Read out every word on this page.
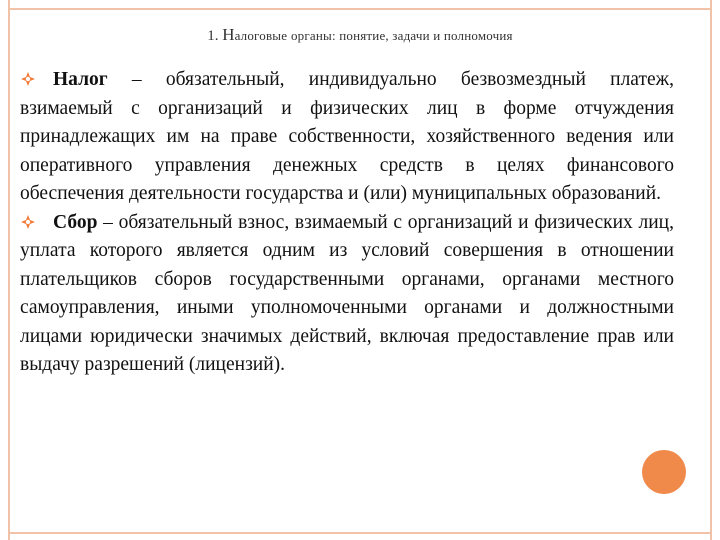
1. Налоговые органы: понятие, задачи и полномочия

Налог – обязательный, индивидуально безвозмездный платеж, взимаемый с организаций и физических лиц в форме отчуждения принадлежащих им на праве собственности, хозяйственного ведения или оперативного управления денежных средств в целях финансового обеспечения деятельности государства и (или) муниципальных образований.

Сбор – обязательный взнос, взимаемый с организаций и физических лиц, уплата которого является одним из условий совершения в отношении плательщиков сборов государственными органами, органами местного самоуправления, иными уполномоченными органами и должностными лицами юридически значимых действий, включая предоставление прав или выдачу разрешений (лицензий).
